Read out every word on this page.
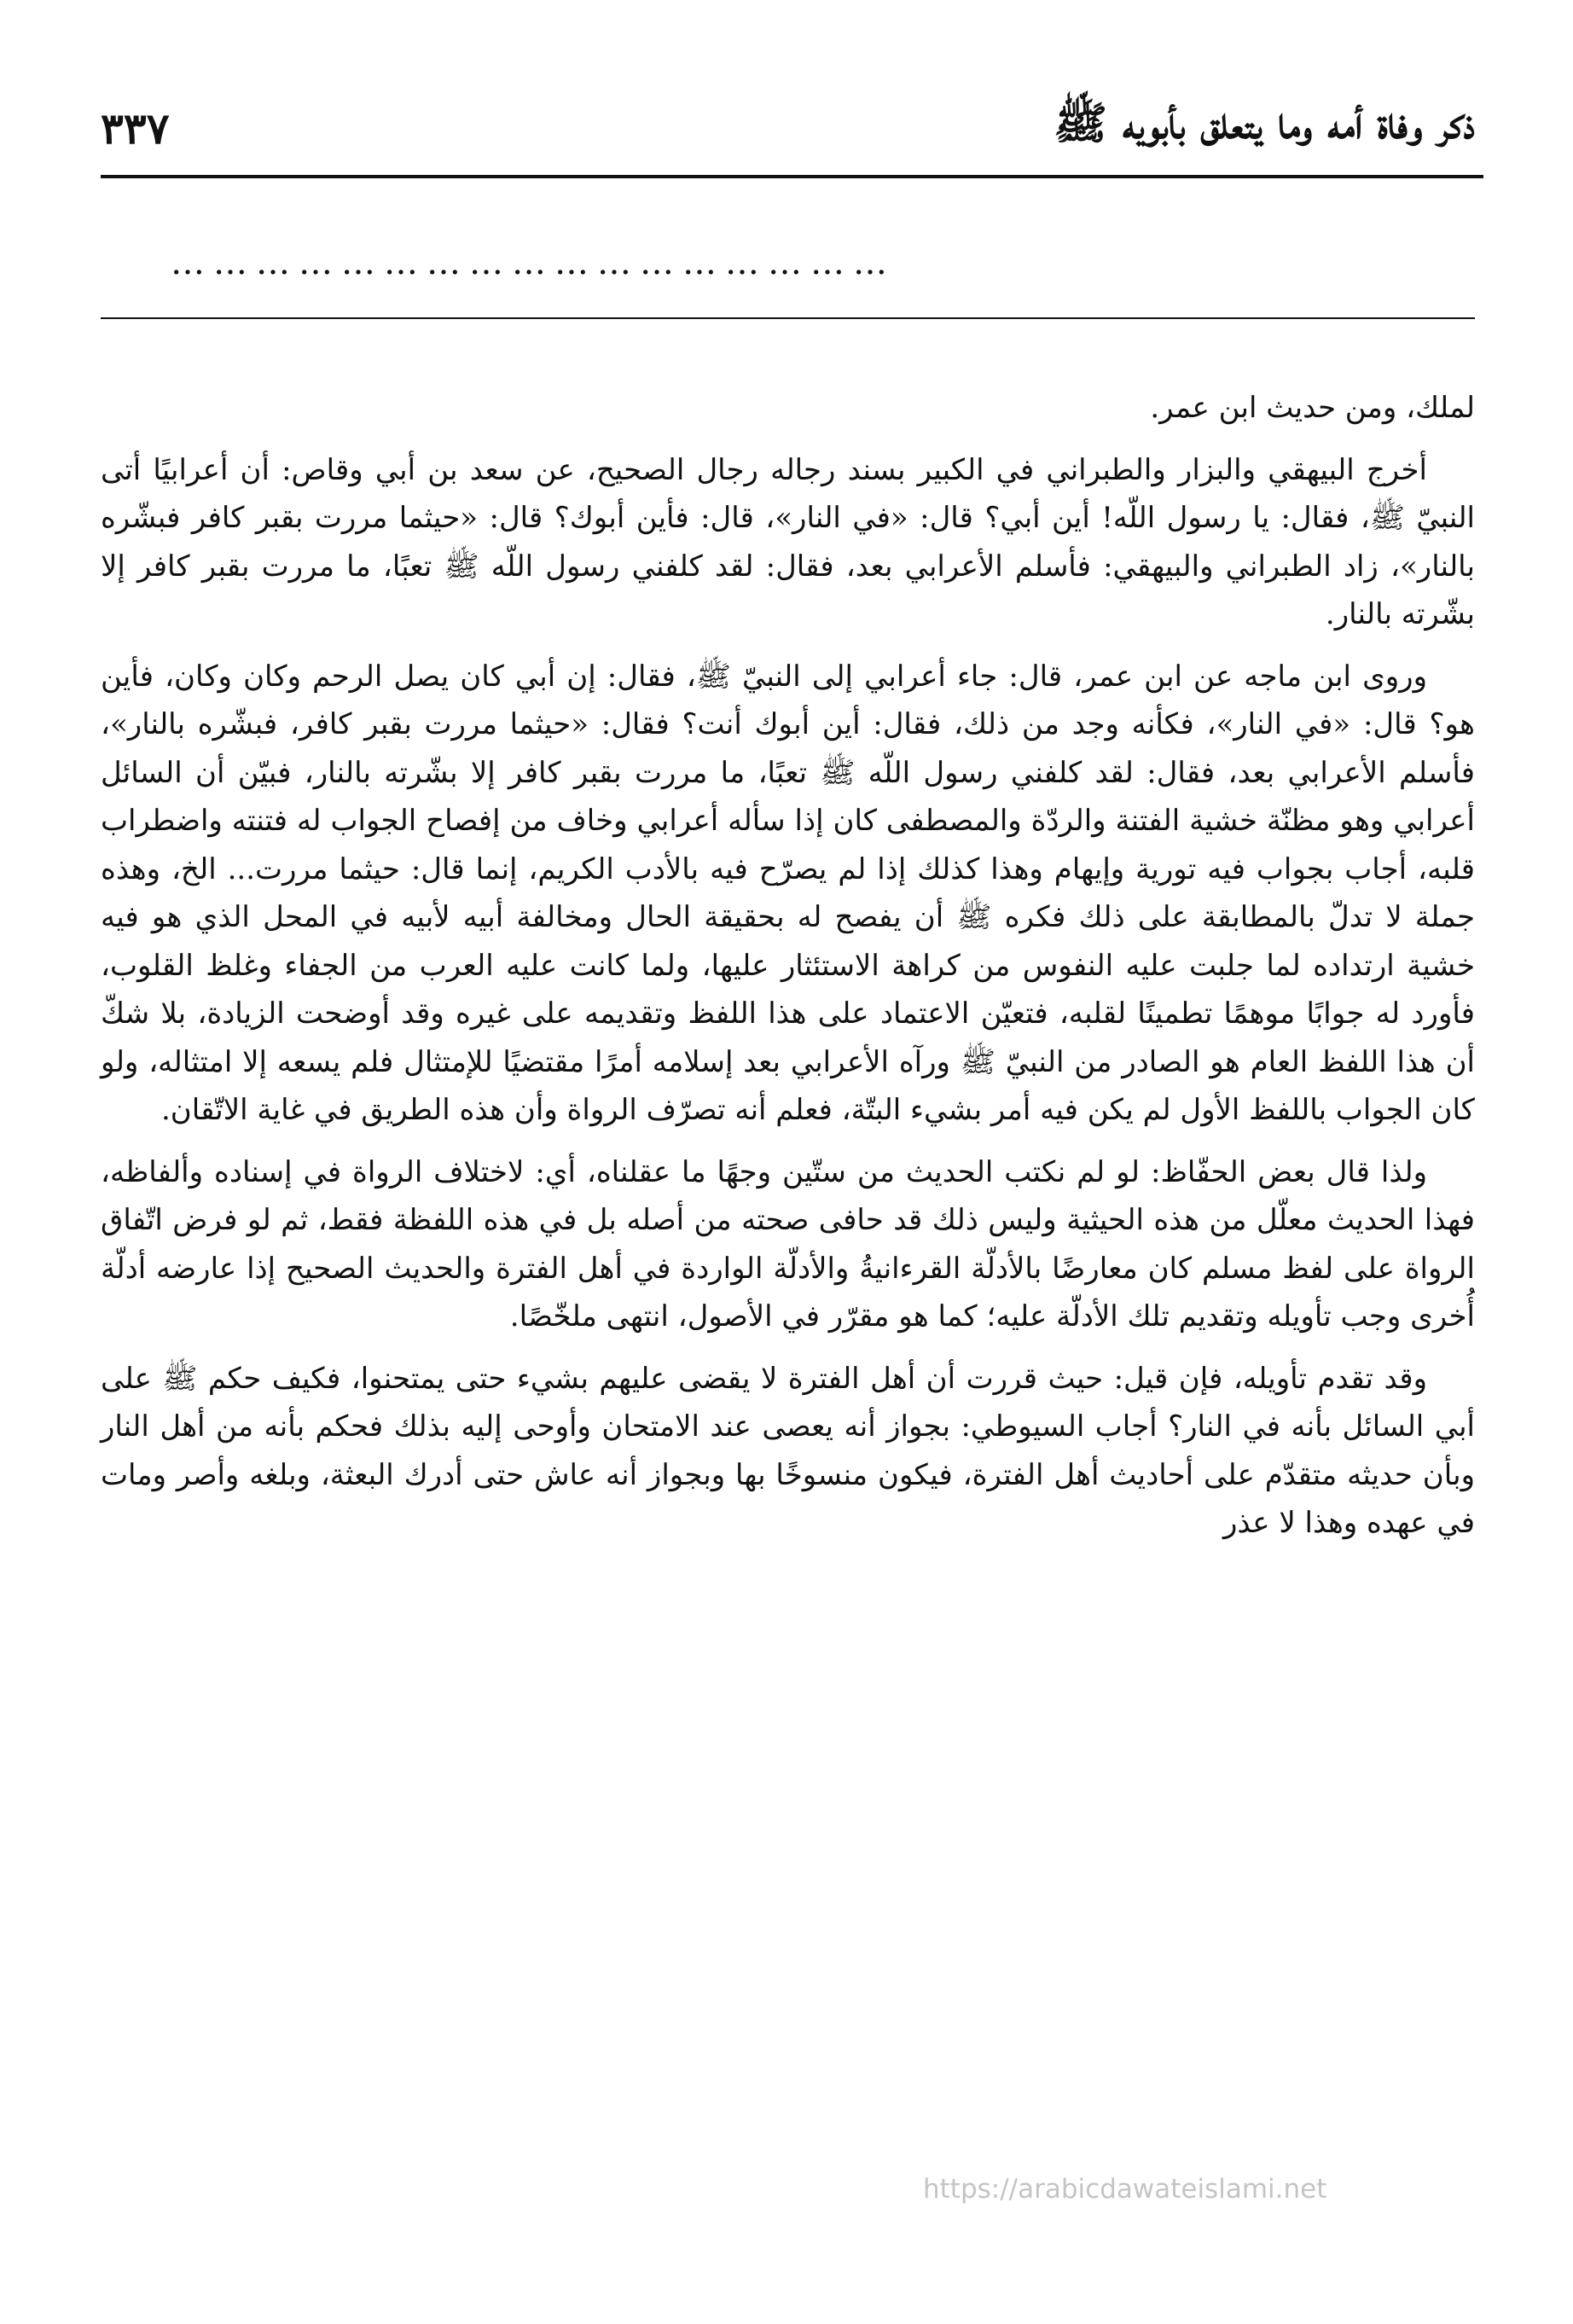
ذكر وفاة أمه وما يتعلق بأبويه ﷺ
٣٣٧
……………………………………………

لملك، ومن حديث ابن عمر.

أخرج البيهقي والبزار والطبراني في الكبير بسند رجاله رجال الصحيح، عن سعد بن أبي وقاص: أن أعرابيًا أتى النبيّ ﷺ، فقال: يا رسول اللّه! أين أبي؟ قال: «في النار»، قال: فأين أبوك؟ قال: «حيثما مررت بقبر كافر فبشّره بالنار»، زاد الطبراني والبيهقي: فأسلم الأعرابي بعد، فقال: لقد كلفني رسول اللّه ﷺ تعبًا، ما مررت بقبر كافر إلا بشّرته بالنار.

وروى ابن ماجه عن ابن عمر، قال: جاء أعرابي إلى النبيّ ﷺ، فقال: إن أبي كان يصل الرحم وكان وكان، فأين هو؟ قال: «في النار»، فكأنه وجد من ذلك، فقال: أين أبوك أنت؟ فقال: «حيثما مررت بقبر كافر، فبشّره بالنار»، فأسلم الأعرابي بعد، فقال: لقد كلفني رسول اللّه ﷺ تعبًا، ما مررت بقبر كافر إلا بشّرته بالنار، فبيّن أن السائل أعرابي وهو مظنّة خشية الفتنة والردّة والمصطفى كان إذا سأله أعرابي وخاف من إفصاح الجواب له فتنته واضطراب قلبه، أجاب بجواب فيه تورية وإيهام وهذا كذلك إذا لم يصرّح فيه بالأدب الكريم، إنما قال: حيثما مررت... الخ، وهذه جملة لا تدلّ بالمطابقة على ذلك فكره ﷺ أن يفصح له بحقيقة الحال ومخالفة أبيه لأبيه في المحل الذي هو فيه خشية ارتداده لما جلبت عليه النفوس من كراهة الاستئثار عليها، ولما كانت عليه العرب من الجفاء وغلظ القلوب، فأورد له جوابًا موهمًا تطمينًا لقلبه، فتعيّن الاعتماد على هذا اللفظ وتقديمه على غيره وقد أوضحت الزيادة، بلا شكّ أن هذا اللفظ العام هو الصادر من النبيّ ﷺ ورآه الأعرابي بعد إسلامه أمرًا مقتضيًا للإمتثال فلم يسعه إلا امتثاله، ولو كان الجواب باللفظ الأول لم يكن فيه أمر بشيء البتّة، فعلم أنه تصرّف الرواة وأن هذه الطريق في غاية الاتّقان.

ولذا قال بعض الحفّاظ: لو لم نكتب الحديث من ستّين وجهًا ما عقلناه، أي: لاختلاف الرواة في إسناده وألفاظه، فهذا الحديث معلّل من هذه الحيثية وليس ذلك قد حافى صحته من أصله بل في هذه اللفظة فقط، ثم لو فرض اتّفاق الرواة على لفظ مسلم كان معارضًا بالأدلّة القرءانيةُ والأدلّة الواردة في أهل الفترة والحديث الصحيح إذا عارضه أدلّة أُخرى وجب تأويله وتقديم تلك الأدلّة عليه؛ كما هو مقرّر في الأصول، انتهى ملخّصًا.

وقد تقدم تأويله، فإن قيل: حيث قررت أن أهل الفترة لا يقضى عليهم بشيء حتى يمتحنوا، فكيف حكم ﷺ على أبي السائل بأنه في النار؟ أجاب السيوطي: بجواز أنه يعصى عند الامتحان وأوحى إليه بذلك فحكم بأنه من أهل النار وبأن حديثه متقدّم على أحاديث أهل الفترة، فيكون منسوخًا بها وبجواز أنه عاش حتى أدرك البعثة، وبلغه وأصر ومات في عهده وهذا لا عذر

https://arabicdawateislami.net
